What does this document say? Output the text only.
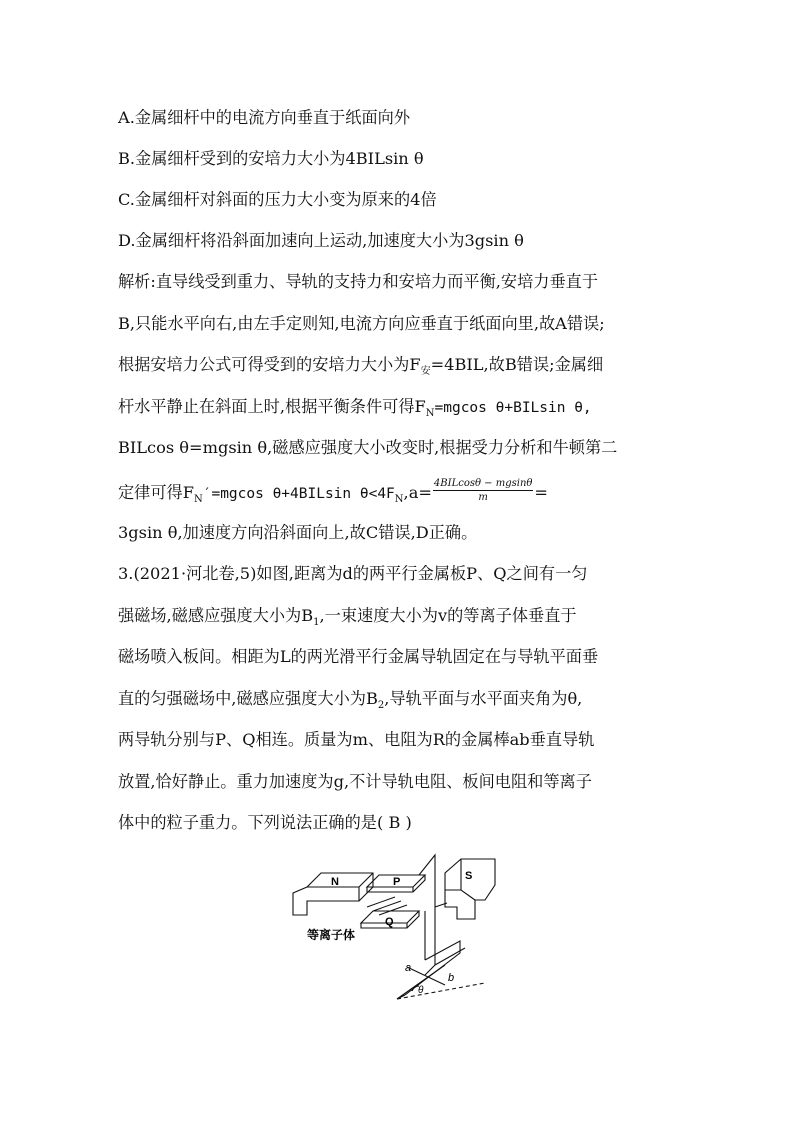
A.金属细杆中的电流方向垂直于纸面向外
B.金属细杆受到的安培力大小为4BILsin θ
C.金属细杆对斜面的压力大小变为原来的4倍
D.金属细杆将沿斜面加速向上运动,加速度大小为3gsin θ
解析:直导线受到重力、导轨的支持力和安培力而平衡,安培力垂直于
B,只能水平向右,由左手定则知,电流方向应垂直于纸面向里,故A错误;
根据安培力公式可得受到的安培力大小为$F_安=4BIL$,故B错误;金属细
杆水平静止在斜面上时,根据平衡条件可得$F_N=mgcos$ θ+BILsin θ,
BILcos θ=mgsin θ,磁感应强度大小改变时,根据受力分析和牛顿第二
定律可得$F_N'=mgcos$ θ+4BILsin $\theta<4F_N,a= \frac{\text{4BILcosθ − mgsinθ}}{m}$ =
3gsin θ,加速度方向沿斜面向上,故C错误,D正确。
3.(2021·河北卷,5)如图,距离为d的两平行金属板P、Q之间有一匀
强磁场,磁感应强度大小为$B_1$,一束速度大小为v的等离子体垂直于
磁场喷入板间。相距为L的两光滑平行金属导轨固定在与导轨平面垂
直的匀强磁场中,磁感应强度大小为$B_2$,导轨平面与水平面夹角为θ,
两导轨分别与P、Q相连。质量为m、电阻为R的金属棒ab垂直导轨
放置,恰好静止。重力加速度为g,不计导轨电阻、板间电阻和等离子
体中的粒子重力。下列说法正确的是( B )
N	P	S
Q
等离子体
a
b
θ
